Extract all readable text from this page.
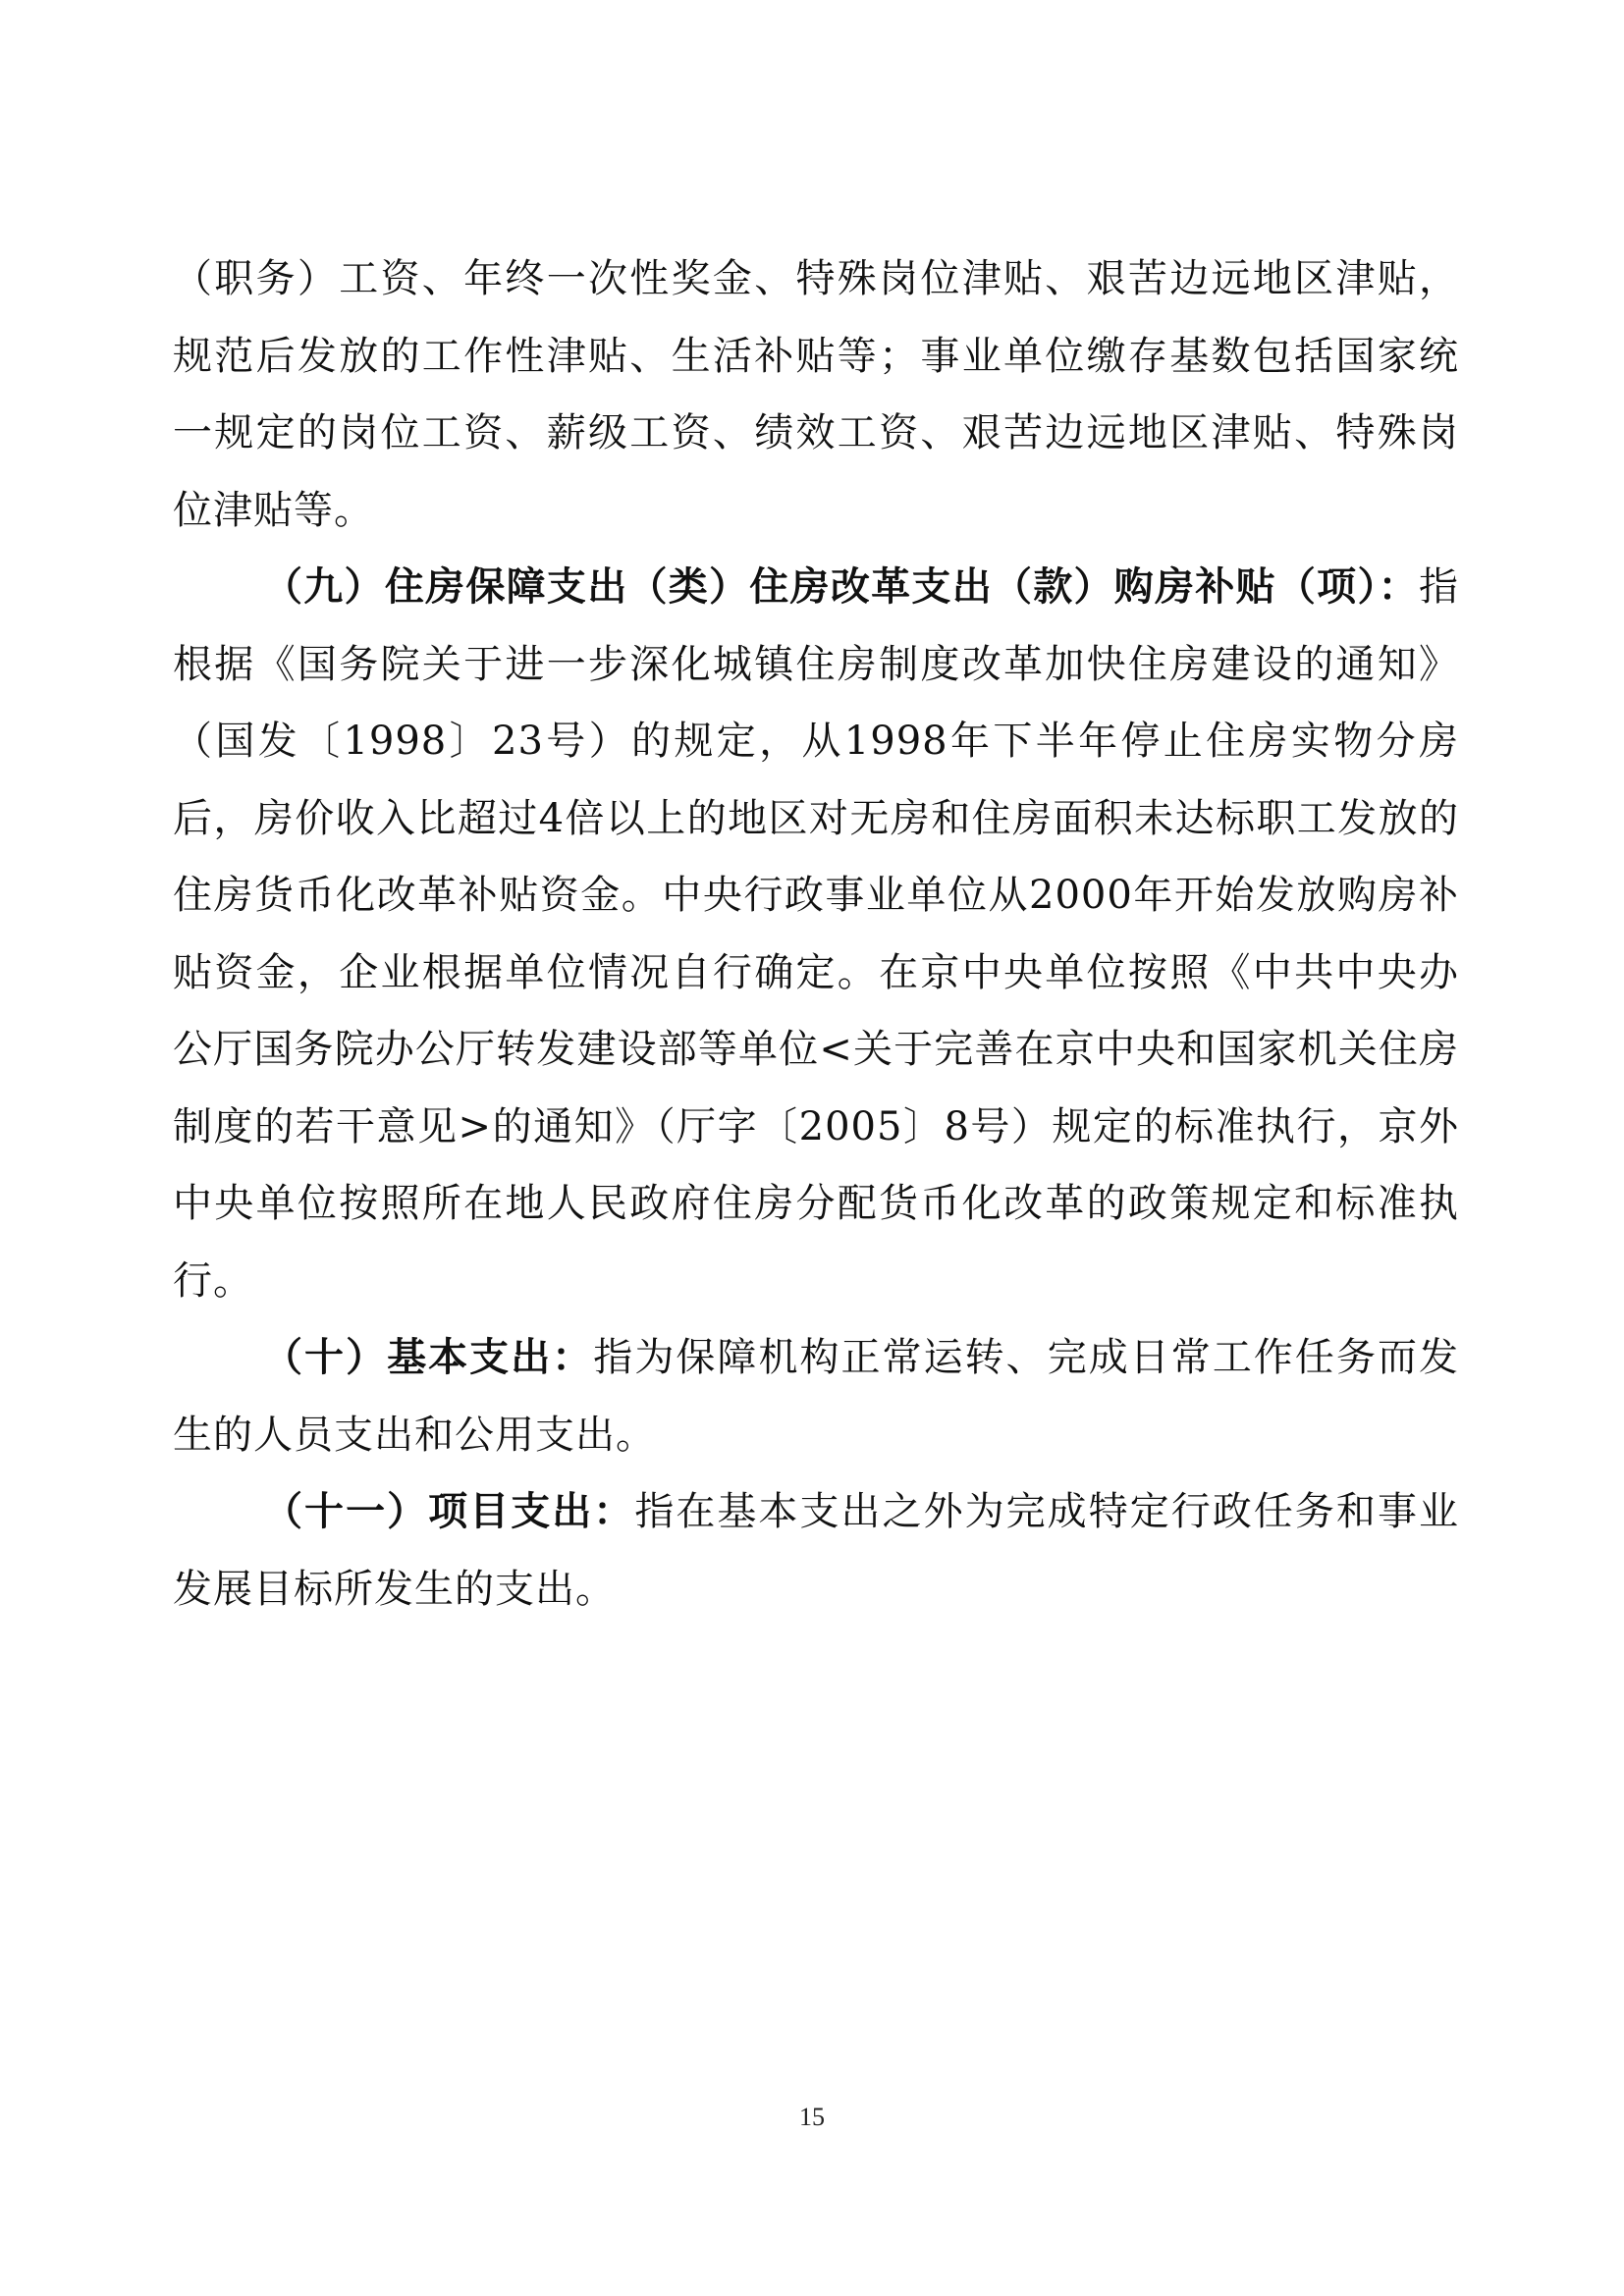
（职务）工资、年终一次性奖金、特殊岗位津贴、艰苦边远地区津贴，规范后发放的工作性津贴、生活补贴等；事业单位缴存基数包括国家统一规定的岗位工资、薪级工资、绩效工资、艰苦边远地区津贴、特殊岗位津贴等。

（九）住房保障支出（类）住房改革支出（款）购房补贴（项）：指根据《国务院关于进一步深化城镇住房制度改革加快住房建设的通知》（国发〔1998〕23号）的规定，从1998年下半年停止住房实物分房后，房价收入比超过4倍以上的地区对无房和住房面积未达标职工发放的住房货币化改革补贴资金。中央行政事业单位从2000年开始发放购房补贴资金，企业根据单位情况自行确定。在京中央单位按照《中共中央办公厅国务院办公厅转发建设部等单位<关于完善在京中央和国家机关住房制度的若干意见>的通知》（厅字〔2005〕8号）规定的标准执行，京外中央单位按照所在地人民政府住房分配货币化改革的政策规定和标准执行。

（十）基本支出：指为保障机构正常运转、完成日常工作任务而发生的人员支出和公用支出。

（十一）项目支出：指在基本支出之外为完成特定行政任务和事业发展目标所发生的支出。

15
